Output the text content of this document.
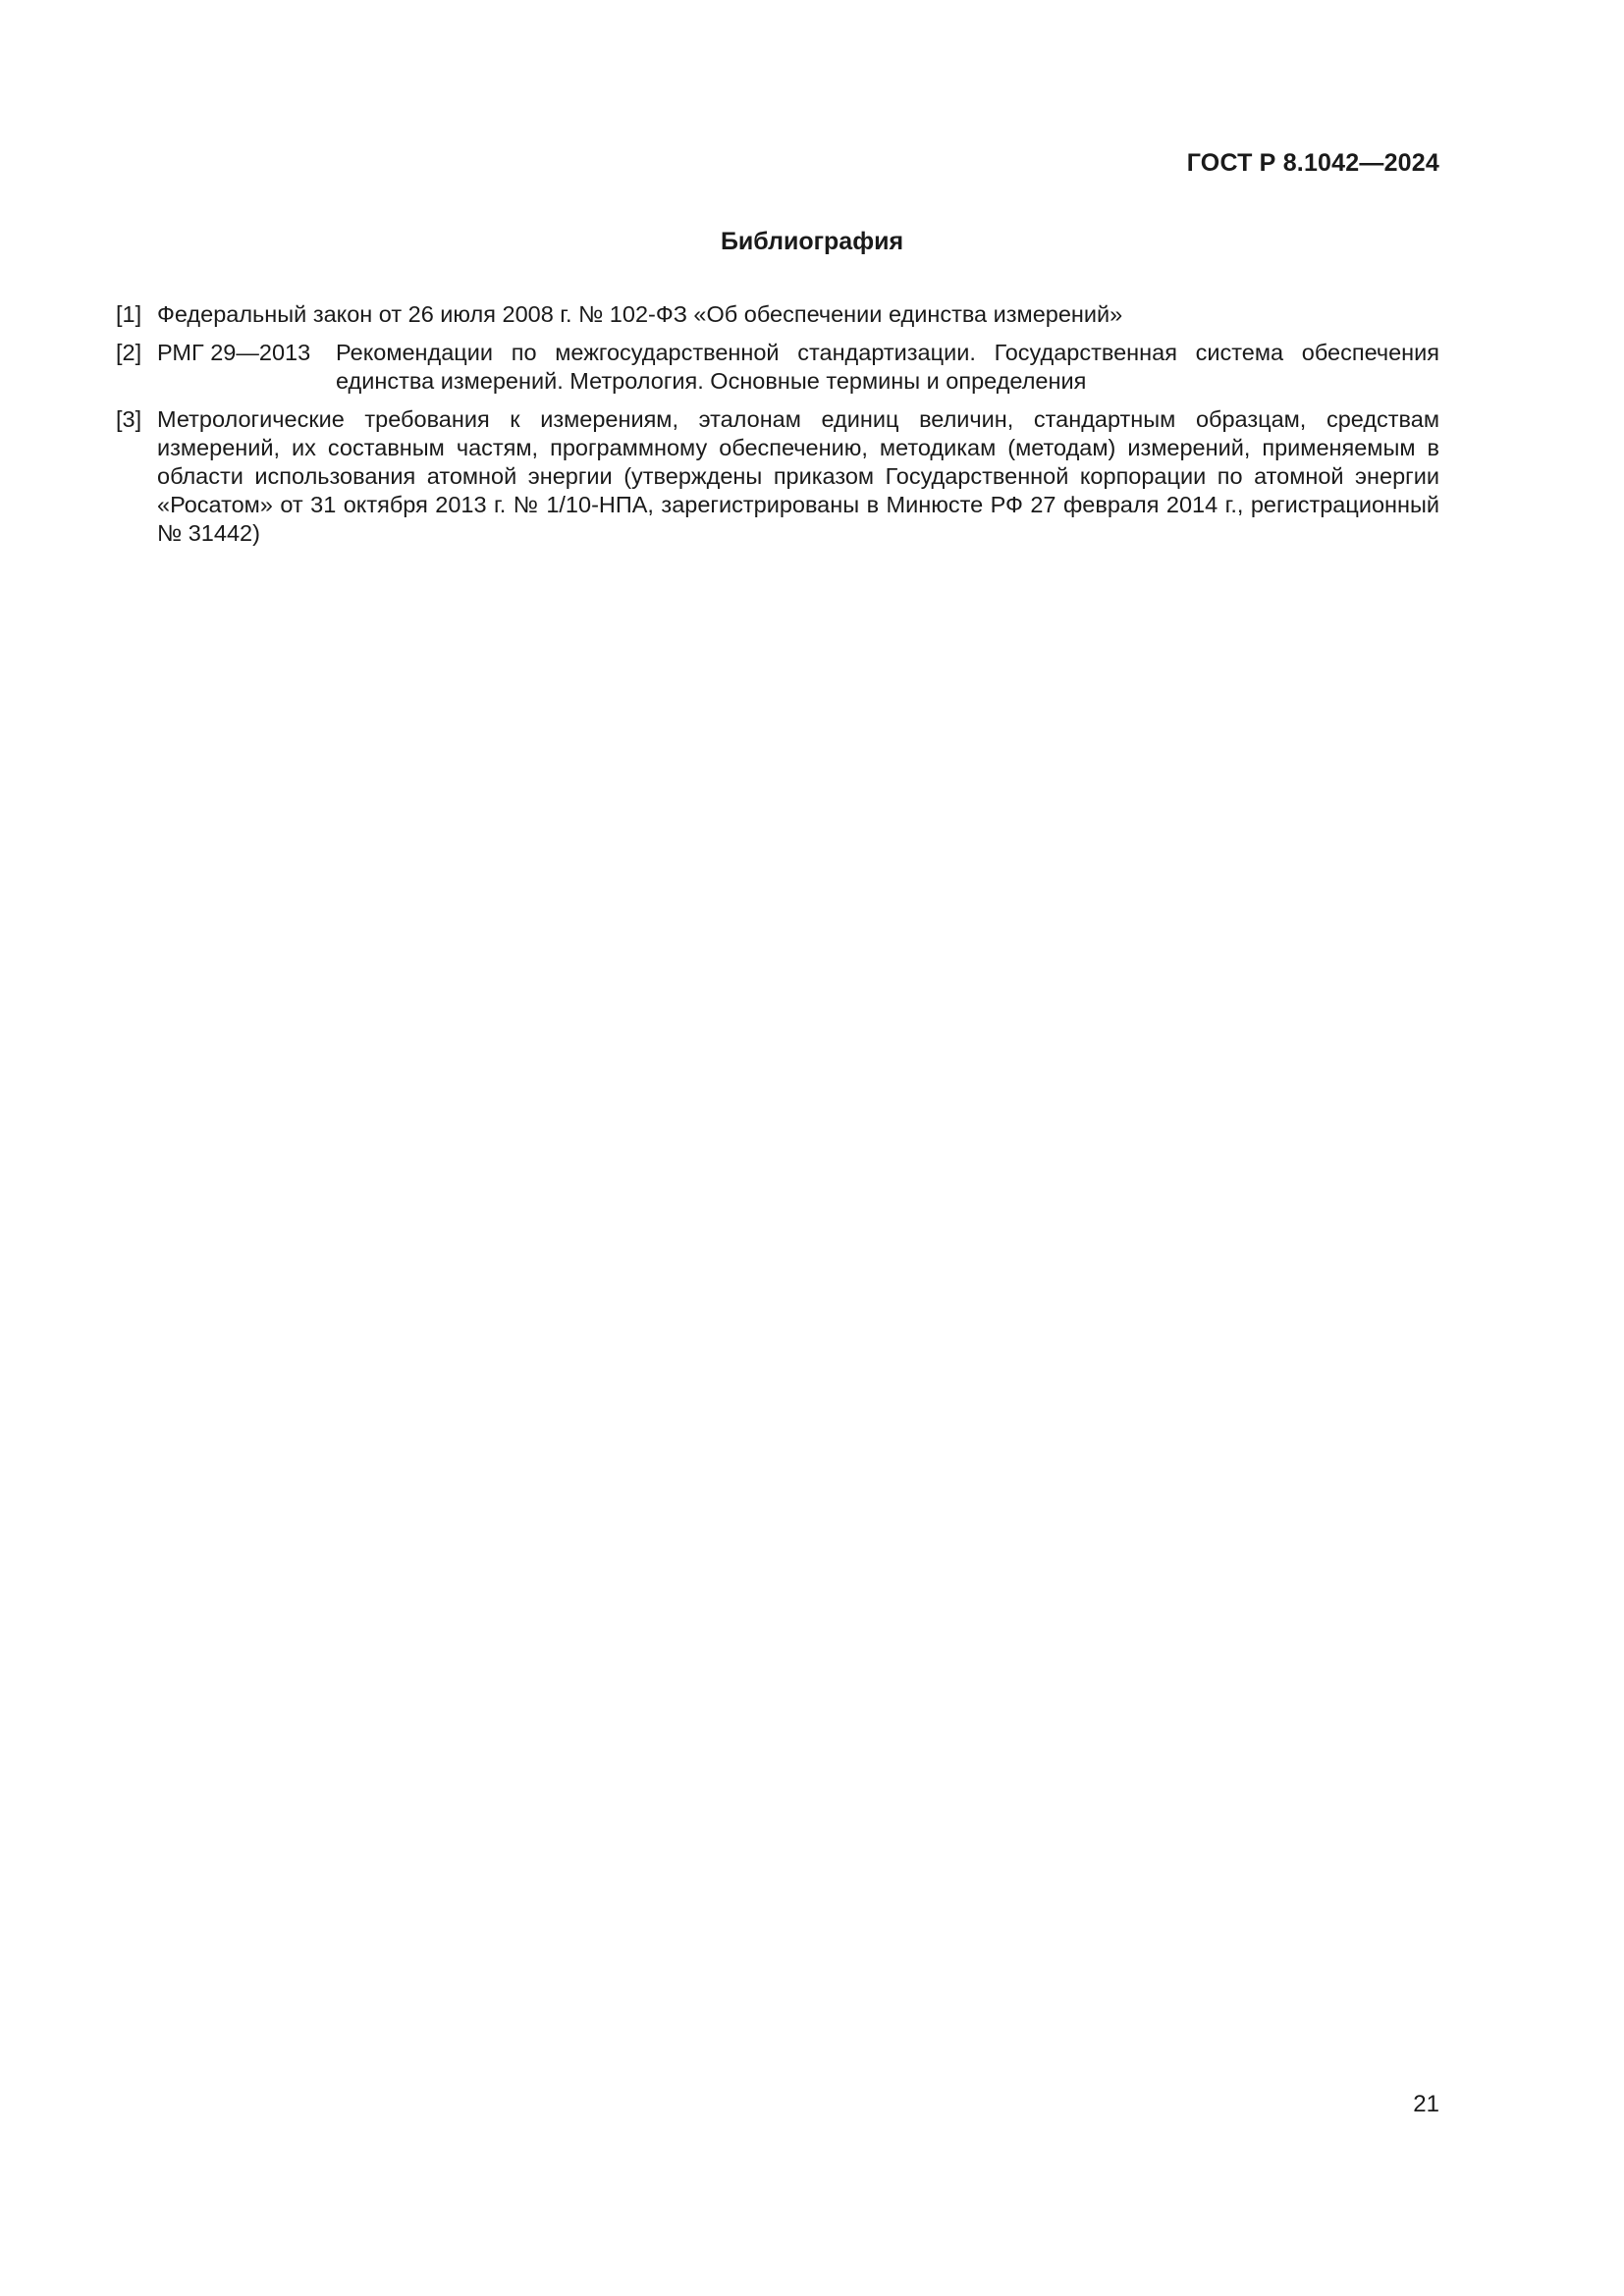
ГОСТ Р 8.1042—2024
Библиография
[1] Федеральный закон от 26 июля 2008 г. № 102-ФЗ «Об обеспечении единства измерений»
[2] РМГ 29—2013	Рекомендации по межгосударственной стандартизации. Государственная система обеспечения единства измерений. Метрология. Основные термины и определения
[3] Метрологические требования к измерениям, эталонам единиц величин, стандартным образцам, средствам измерений, их составным частям, программному обеспечению, методикам (методам) измерений, применяемым в области использования атомной энергии (утверждены приказом Государственной корпорации по атомной энергии «Росатом» от 31 октября 2013 г. № 1/10-НПА, зарегистрированы в Минюсте РФ 27 февраля 2014 г., регистрационный № 31442)
21
